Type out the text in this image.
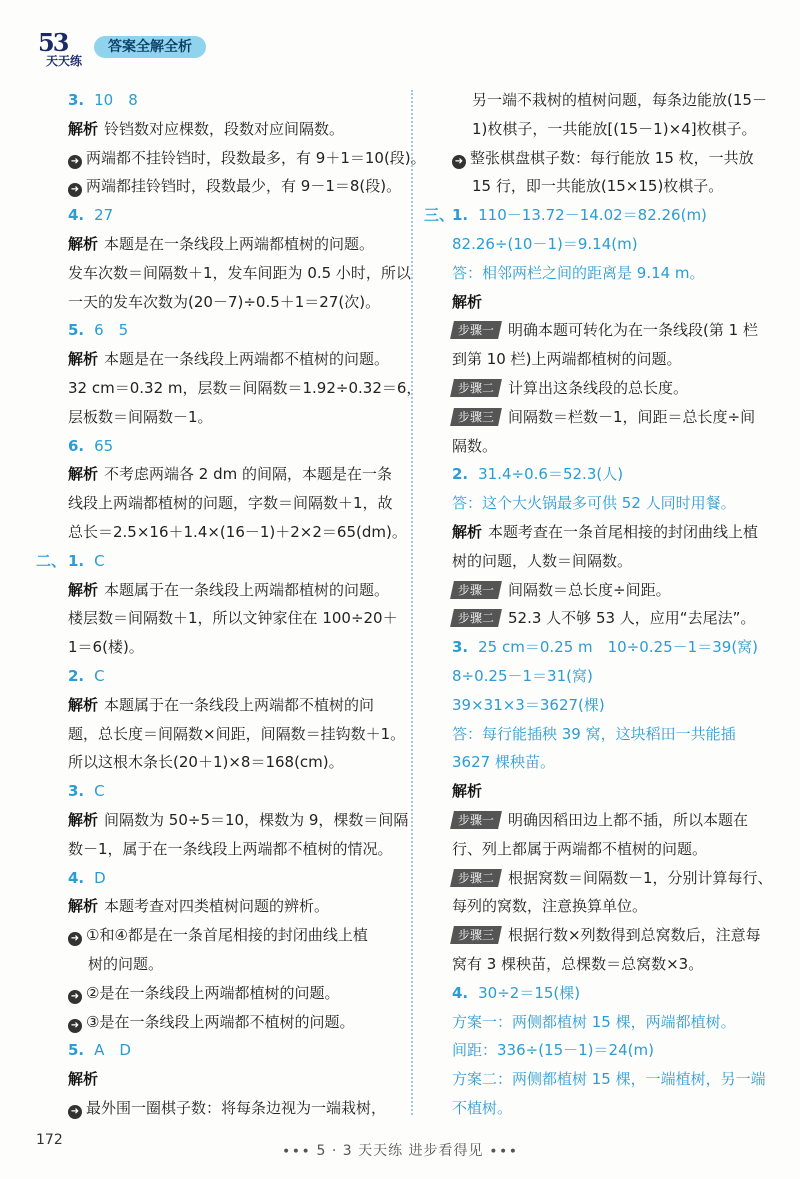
53
天天练
答案全解全析
3. 10　8
解析 铃铛数对应棵数，段数对应间隔数。
➜ 两端都不挂铃铛时，段数最多，有 9＋1＝10(段)。
➜ 两端都挂铃铛时，段数最少，有 9－1＝8(段)。
4. 27
解析 本题是在一条线段上两端都植树的问题。
发车次数＝间隔数＋1，发车间距为 0.5 小时，所以
一天的发车次数为(20－7)÷0.5＋1＝27(次)。
5. 6　5
解析 本题是在一条线段上两端都不植树的问题。
32 cm＝0.32 m，层数＝间隔数＝1.92÷0.32＝6，
层板数＝间隔数－1。
6. 65
解析 不考虑两端各 2 dm 的间隔，本题是在一条
线段上两端都植树的问题，字数＝间隔数＋1，故
总长＝2.5×16＋1.4×(16－1)＋2×2＝65(dm)。
二、 1. C
解析 本题属于在一条线段上两端都植树的问题。
楼层数＝间隔数＋1，所以文钟家住在 100÷20＋
1＝6(楼)。
2. C
解析 本题属于在一条线段上两端都不植树的问
题，总长度＝间隔数×间距，间隔数＝挂钩数＋1。
所以这根木条长(20＋1)×8＝168(cm)。
3. C
解析 间隔数为 50÷5＝10，棵数为 9，棵数＝间隔
数－1，属于在一条线段上两端都不植树的情况。
4. D
解析 本题考查对四类植树问题的辨析。
➜ ①和④都是在一条首尾相接的封闭曲线上植
树的问题。
➜ ②是在一条线段上两端都植树的问题。
➜ ③是在一条线段上两端都不植树的问题。
5. A　D
解析
➜ 最外围一圈棋子数：将每条边视为一端栽树，
另一端不栽树的植树问题，每条边能放(15－
1)枚棋子，一共能放[(15－1)×4]枚棋子。
➜ 整张棋盘棋子数：每行能放 15 枚，一共放
15 行，即一共能放(15×15)枚棋子。
三、
1. 110－13.72－14.02＝82.26(m)
82.26÷(10－1)＝9.14(m)
答：相邻两栏之间的距离是 9.14 m。
解析
步骤一 明确本题可转化为在一条线段(第 1 栏
到第 10 栏)上两端都植树的问题。
步骤二 计算出这条线段的总长度。
步骤三 间隔数＝栏数－1，间距＝总长度÷间
隔数。
2. 31.4÷0.6＝52.3(人)
答：这个大火锅最多可供 52 人同时用餐。
解析 本题考查在一条首尾相接的封闭曲线上植
树的问题，人数＝间隔数。
步骤一 间隔数＝总长度÷间距。
步骤二 52.3 人不够 53 人，应用“去尾法”。
3. 25 cm＝0.25 m　10÷0.25－1＝39(窝)
8÷0.25－1＝31(窝)
39×31×3＝3627(棵)
答：每行能插秧 39 窝，这块稻田一共能插
3627 棵秧苗。
解析
步骤一 明确因稻田边上都不插，所以本题在
行、列上都属于两端都不植树的问题。
步骤二 根据窝数＝间隔数－1，分别计算每行、
每列的窝数，注意换算单位。
步骤三 根据行数×列数得到总窝数后，注意每
窝有 3 棵秧苗，总棵数＝总窝数×3。
4. 30÷2＝15(棵)
方案一：两侧都植树 15 棵，两端都植树。
间距：336÷(15－1)＝24(m)
方案二：两侧都植树 15 棵，一端植树，另一端
不植树。
172
∙∙∙ 5 · 3 天天练 进步看得见 ∙∙∙
